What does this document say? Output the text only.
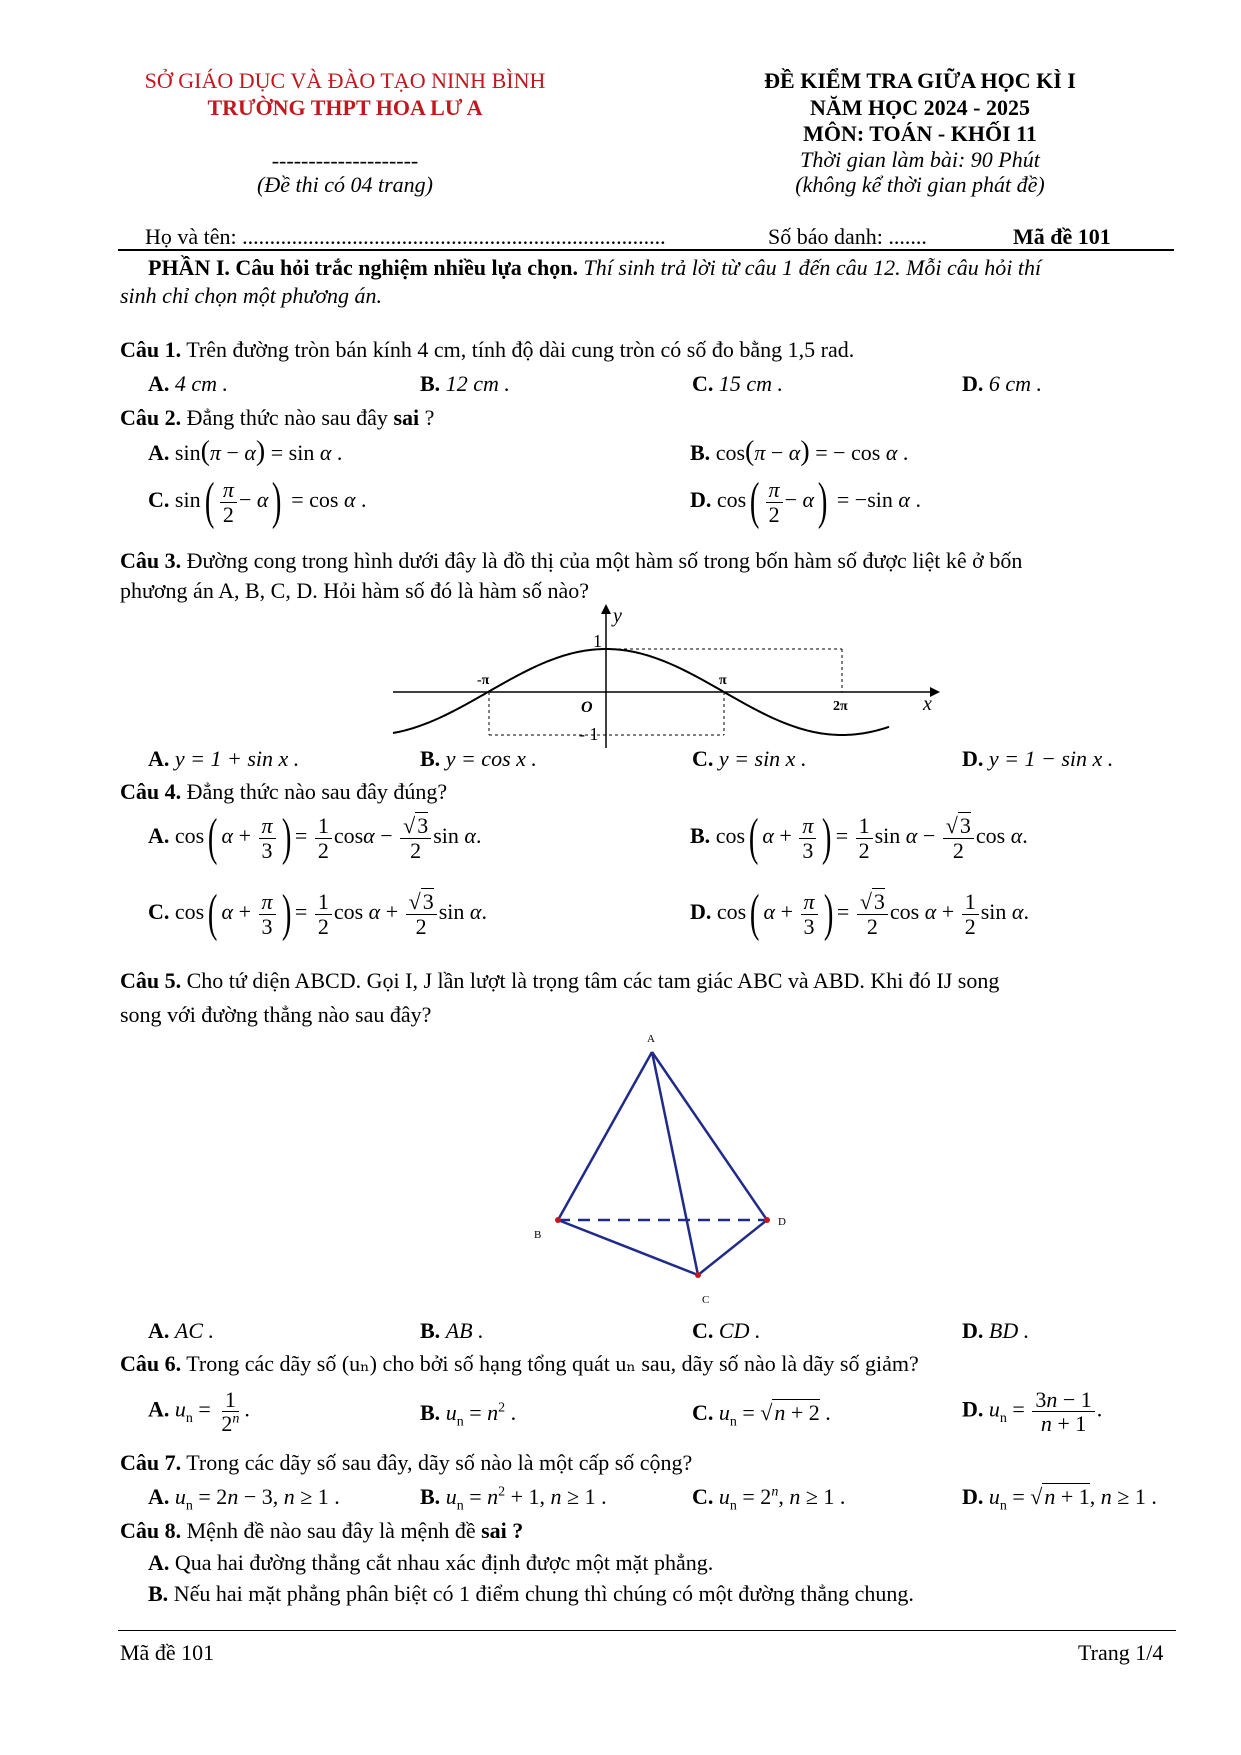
SỞ GIÁO DỤC VÀ ĐÀO TẠO NINH BÌNH
TRƯỜNG THPT HOA LƯ A
--------------------
(Đề thi có 04 trang)
ĐỀ KIỂM TRA GIỮA HỌC KÌ I
NĂM HỌC 2024 - 2025
MÔN: TOÁN - KHỐI 11
Thời gian làm bài: 90 Phút
(không kể thời gian phát đề)
Họ và tên: .............................................................................	Số báo danh: .......	Mã đề 101
PHẦN I. Câu hỏi trắc nghiệm nhiều lựa chọn. Thí sinh trả lời từ câu 1 đến câu 12. Mỗi câu hỏi thí
sinh chỉ chọn một phương án.
Câu 1. Trên đường tròn bán kính 4 cm, tính độ dài cung tròn có số đo bằng 1,5 rad.
A. 4 cm .	B. 12 cm .	C. 15 cm .	D. 6 cm .
Câu 2. Đẳng thức nào sau đây sai ?
A. sin(π − α) = sin α .	B. cos(π − α) = − cos α .
C. $\sin( \frac{\pi}{2} - \alpha) = \cos \alpha$ .	D. $\cos( \frac{\pi}{2} - \alpha) = -\sin$ α .
Câu 3. Đường cong trong hình dưới đây là đồ thị của một hàm số trong bốn hàm số được liệt kê ở bốn
phương án A, B, C, D. Hỏi hàm số đó là hàm số nào?
y
1
O
- 1
-π	π
2π	x
A. y = 1 + sin x .	B. y = cos x .	C. y = sin x .	D. y = 1 − sin x .
Câu 4. Đẳng thức nào sau đây đúng?
A. cos( $\alpha + \frac{\pi}{3}$ ) = $\frac{1}{2}$ $\cos\alpha - \frac{√3}{2}$ sin α.	B. cos( $\alpha + \frac{\pi}{3}$ ) = $\frac{1}{2}$ $\sin \alpha - \frac{√3}{2}$ cos α.
C. cos( $\alpha + \frac{\pi}{3}$ ) = $\frac{1}{2}$ $\cos \alpha + \frac{√3}{2}$ sin α.	D. cos( $\alpha + \frac{\pi}{3}$ ) = $\frac{√3}{2}$ $\cos \alpha + \frac{1}{2}$ sin α.
Câu 5. Cho tứ diện ABCD. Gọi I, J lần lượt là trọng tâm các tam giác ABC và ABD. Khi đó IJ song
song với đường thẳng nào sau đây?
A
B
D
C
A. AC .	B. AB .	C. CD .	D. BD .
Câu 6. Trong các dãy số (uₙ) cho bởi số hạng tổng quát uₙ sau, dãy số nào là dãy số giảm?
A. $u_n = \frac{1}{2^n}$ .	B. $u_n = n^2$ .	C. $u_n = √n + 2$ .	D. $u_n = \frac{3n - 1}{n + 1}$ .
Câu 7. Trong các dãy số sau đây, dãy số nào là một cấp số cộng?
A. $u_n = 2n - 3$, n ≥ 1 .	B. $u_n = n^2 + 1$, n ≥ 1 .	C. $u_n = 2^n$, n ≥ 1 .	D. $u_n = √n + 1$, n ≥ 1 .
Câu 8. Mệnh đề nào sau đây là mệnh đề sai ?
A. Qua hai đường thẳng cắt nhau xác định được một mặt phẳng.
B. Nếu hai mặt phẳng phân biệt có 1 điểm chung thì chúng có một đường thẳng chung.
Mã đề 101	Trang 1/4
